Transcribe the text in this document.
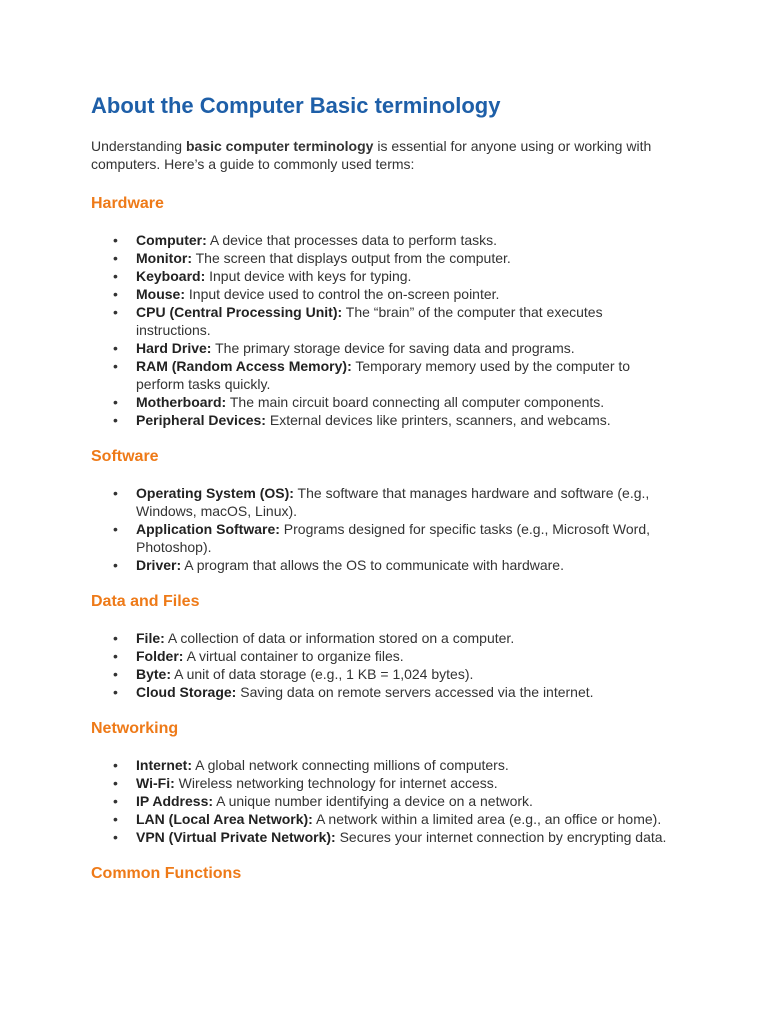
About the Computer Basic terminology

Understanding basic computer terminology is essential for anyone using or working with computers. Here’s a guide to commonly used terms:

Hardware
• Computer: A device that processes data to perform tasks.
• Monitor: The screen that displays output from the computer.
• Keyboard: Input device with keys for typing.
• Mouse: Input device used to control the on-screen pointer.
• CPU (Central Processing Unit): The “brain” of the computer that executes instructions.
• Hard Drive: The primary storage device for saving data and programs.
• RAM (Random Access Memory): Temporary memory used by the computer to perform tasks quickly.
• Motherboard: The main circuit board connecting all computer components.
• Peripheral Devices: External devices like printers, scanners, and webcams.
Software
• Operating System (OS): The software that manages hardware and software (e.g., Windows, macOS, Linux).
• Application Software: Programs designed for specific tasks (e.g., Microsoft Word, Photoshop).
• Driver: A program that allows the OS to communicate with hardware.
Data and Files
• File: A collection of data or information stored on a computer.
• Folder: A virtual container to organize files.
• Byte: A unit of data storage (e.g., 1 KB = 1,024 bytes).
• Cloud Storage: Saving data on remote servers accessed via the internet.
Networking
• Internet: A global network connecting millions of computers.
• Wi-Fi: Wireless networking technology for internet access.
• IP Address: A unique number identifying a device on a network.
• LAN (Local Area Network): A network within a limited area (e.g., an office or home).
• VPN (Virtual Private Network): Secures your internet connection by encrypting data.
Common Functions
